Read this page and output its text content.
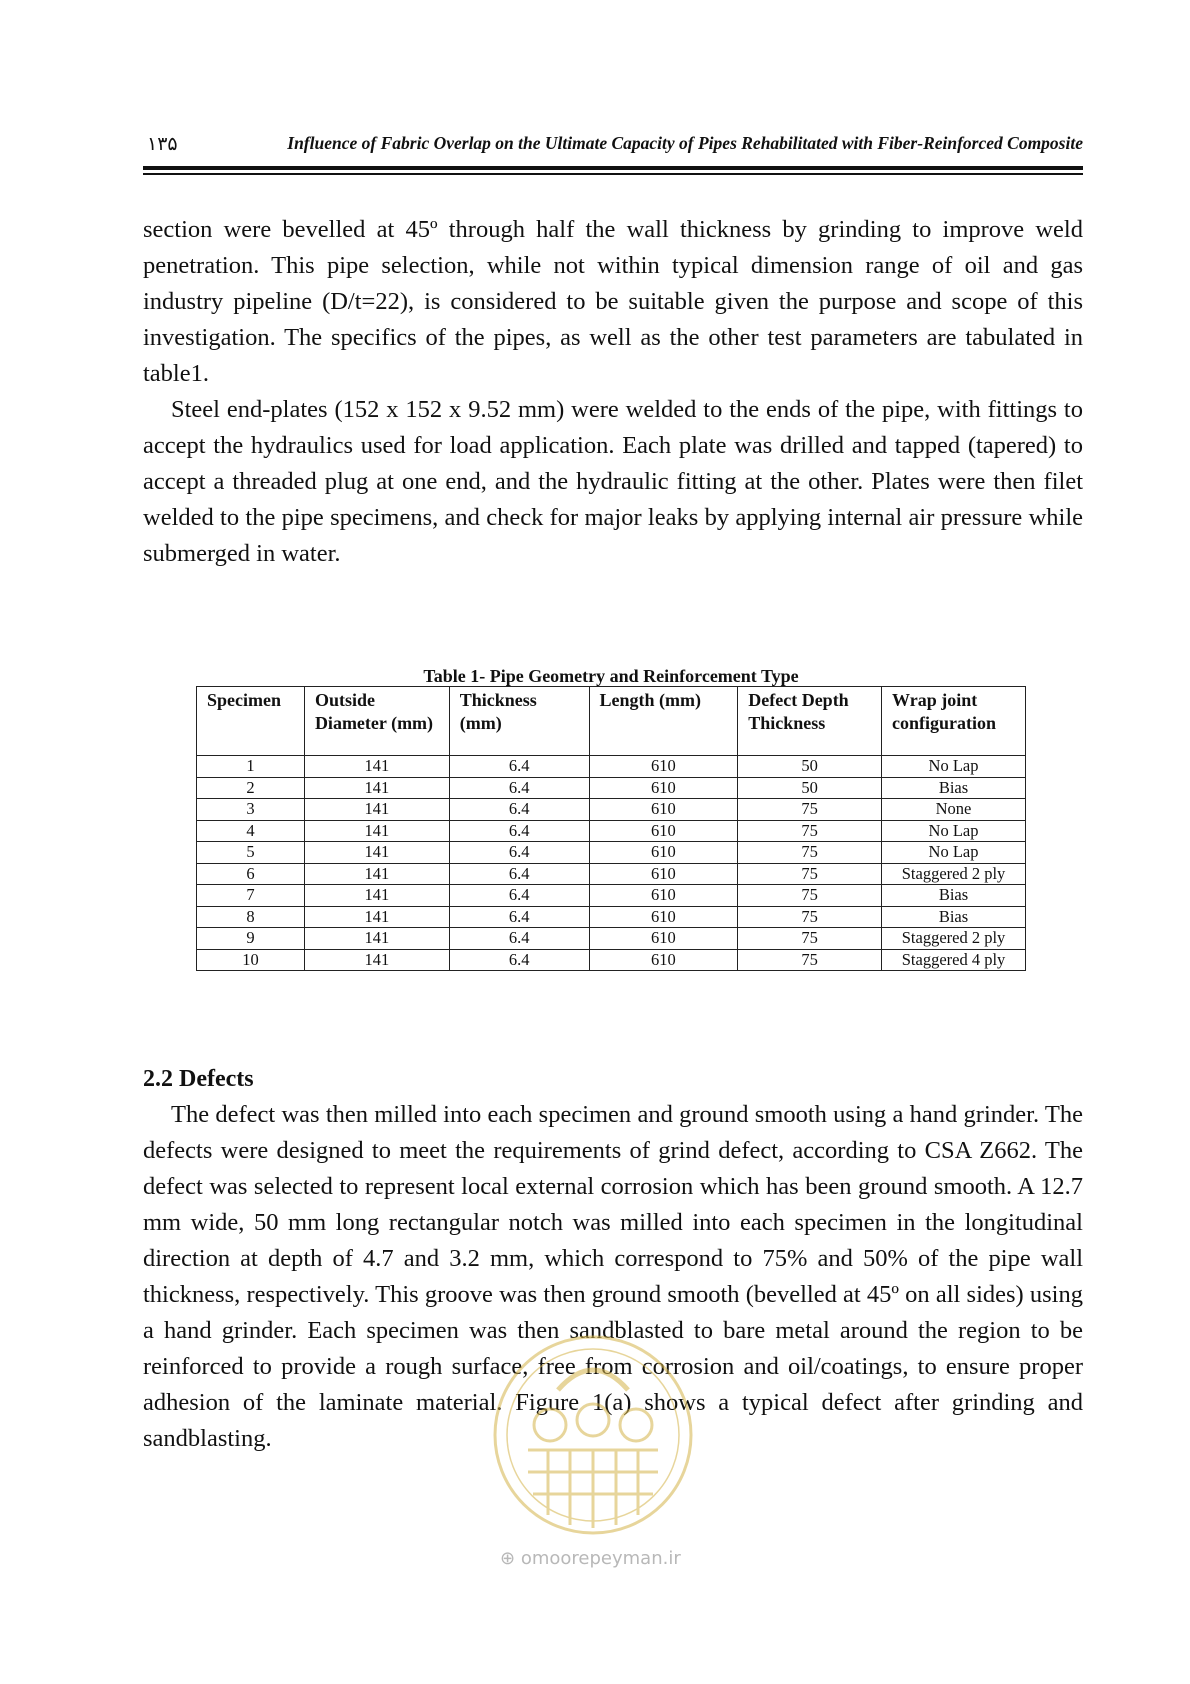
۱۳۵	Influence of Fabric Overlap on the Ultimate Capacity of Pipes Rehabilitated with Fiber-Reinforced Composite

section were bevelled at 45º through half the wall thickness by grinding to improve weld penetration. This pipe selection, while not within typical dimension range of oil and gas industry pipeline (D/t=22), is considered to be suitable given the purpose and scope of this investigation. The specifics of the pipes, as well as the other test parameters are tabulated in table1.

Steel end-plates (152 x 152 x 9.52 mm) were welded to the ends of the pipe, with fittings to accept the hydraulics used for load application. Each plate was drilled and tapped (tapered) to accept a threaded plug at one end, and the hydraulic fitting at the other. Plates were then filet welded to the pipe specimens, and check for major leaks by applying internal air pressure while submerged in water.

Table 1- Pipe Geometry and Reinforcement Type
Specimen	Outside Diameter (mm)	Thickness (mm)	Length (mm)	Defect Depth Thickness	Wrap joint configuration
1	141	6.4	610	50	No Lap
2	141	6.4	610	50	Bias
3	141	6.4	610	75	None
4	141	6.4	610	75	No Lap
5	141	6.4	610	75	No Lap
6	141	6.4	610	75	Staggered 2 ply
7	141	6.4	610	75	Bias
8	141	6.4	610	75	Bias
9	141	6.4	610	75	Staggered 2 ply
10	141	6.4	610	75	Staggered 4 ply
2.2 Defects

The defect was then milled into each specimen and ground smooth using a hand grinder. The defects were designed to meet the requirements of grind defect, according to CSA Z662. The defect was selected to represent local external corrosion which has been ground smooth. A 12.7 mm wide, 50 mm long rectangular notch was milled into each specimen in the longitudinal direction at depth of 4.7 and 3.2 mm, which correspond to 75% and 50% of the pipe wall thickness, respectively. This groove was then ground smooth (bevelled at 45º on all sides) using a hand grinder. Each specimen was then sandblasted to bare metal around the region to be reinforced to provide a rough surface, free from corrosion and oil/coatings, to ensure proper adhesion of the laminate material. Figure 1(a) shows a typical defect after grinding and sandblasting.

⊕ omoorepeyman.ir
